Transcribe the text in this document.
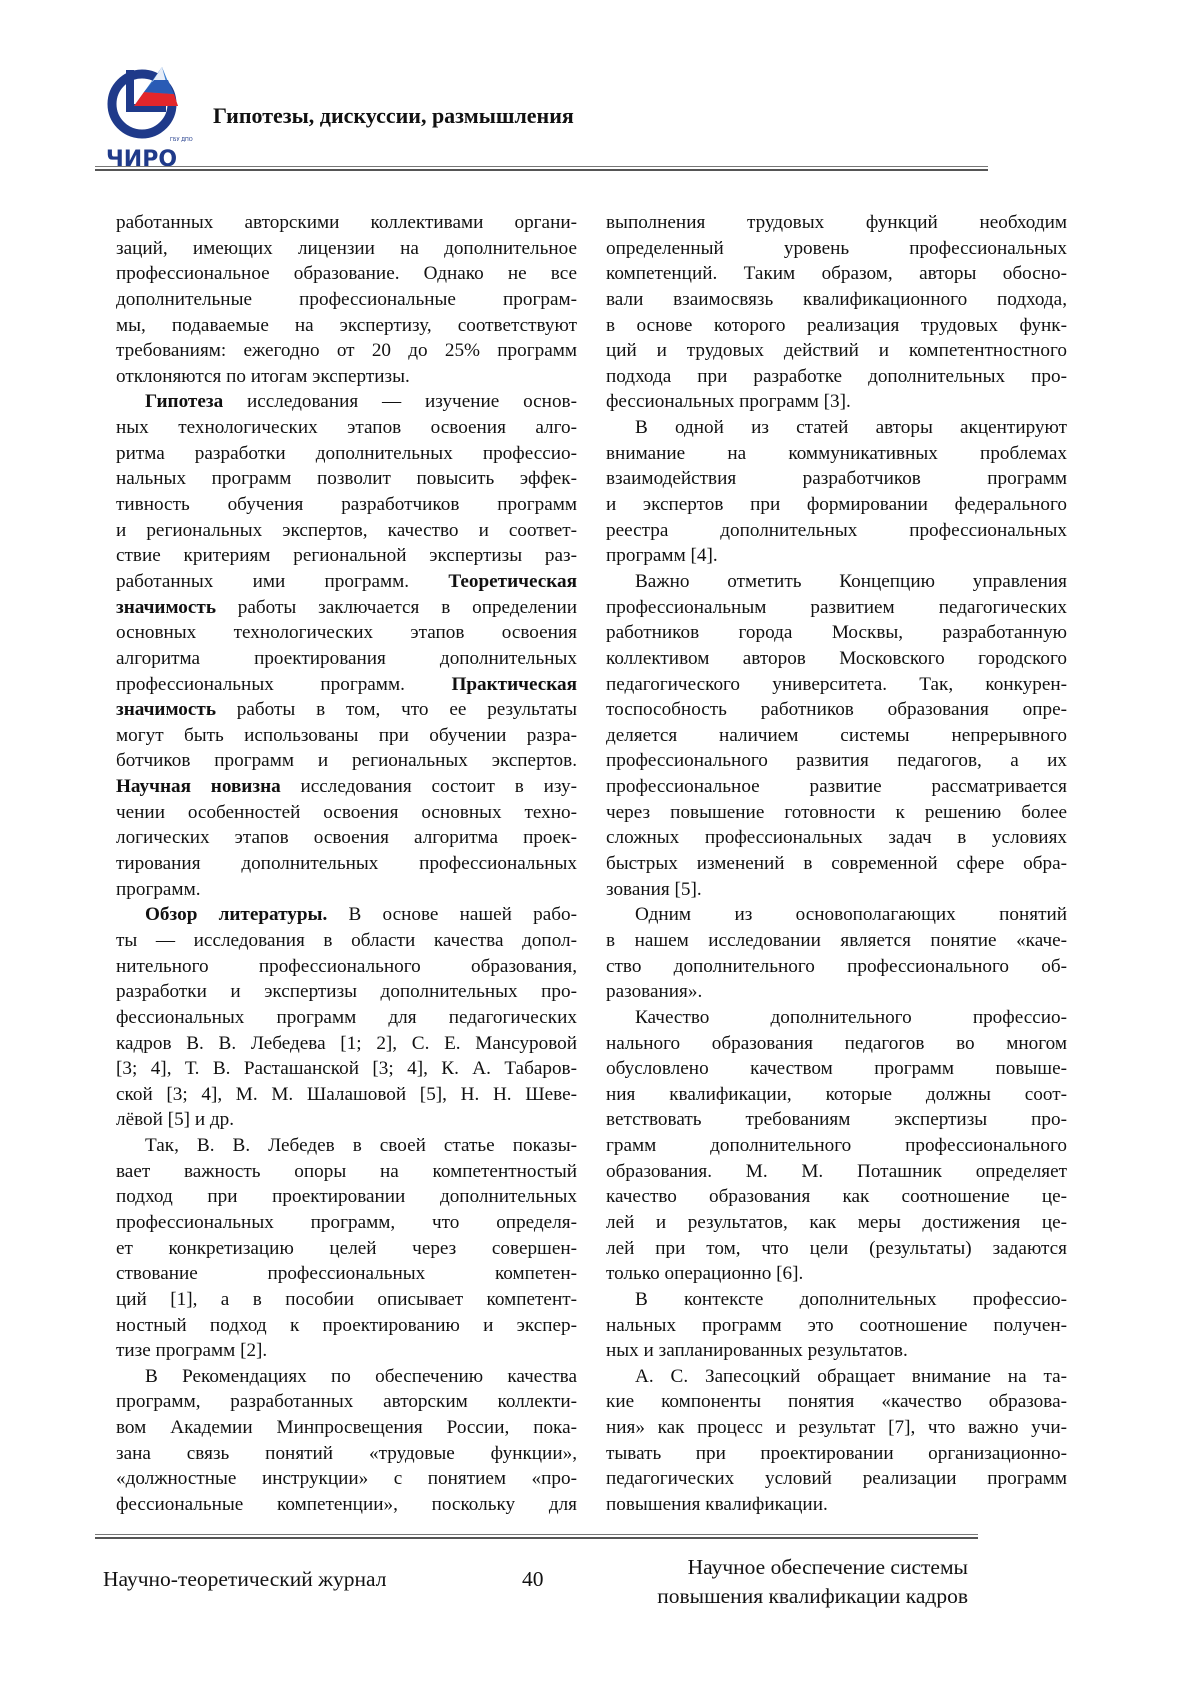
ГБУ ДПО
ЧИРО
Гипотезы, дискуссии, размышления
работанных авторскими коллективами органи-
заций, имеющих лицензии на дополнительное
профессиональное образование. Однако не все
дополнительные профессиональные програм-
мы, подаваемые на экспертизу, соответствуют
требованиям: ежегодно от 20 до 25% программ
отклоняются по итогам экспертизы.
Гипотеза исследования — изучение основ-
ных технологических этапов освоения алго-
ритма разработки дополнительных профессио-
нальных программ позволит повысить эффек-
тивность обучения разработчиков программ
и региональных экспертов, качество и соответ-
ствие критериям региональной экспертизы раз-
работанных ими программ. Теоретическая
значимость работы заключается в определении
основных технологических этапов освоения
алгоритма проектирования дополнительных
профессиональных программ. Практическая
значимость работы в том, что ее результаты
могут быть использованы при обучении разра-
ботчиков программ и региональных экспертов.
Научная новизна исследования состоит в изу-
чении особенностей освоения основных техно-
логических этапов освоения алгоритма проек-
тирования дополнительных профессиональных
программ.
Обзор литературы. В основе нашей рабо-
ты — исследования в области качества допол-
нительного профессионального образования,
разработки и экспертизы дополнительных про-
фессиональных программ для педагогических
кадров В. В. Лебедева [1; 2], С. Е. Мансуровой
[3; 4], Т. В. Расташанской [3; 4], К. А. Табаров-
ской [3; 4], М. М. Шалашовой [5], Н. Н. Шеве-
лёвой [5] и др.
Так, В. В. Лебедев в своей статье показы-
вает важность опоры на компетентностый
подход при проектировании дополнительных
профессиональных программ, что определя-
ет конкретизацию целей через совершен-
ствование профессиональных компетен-
ций [1], а в пособии описывает компетент-
ностный подход к проектированию и экспер-
тизе программ [2].
В Рекомендациях по обеспечению качества
программ, разработанных авторским коллекти-
вом Академии Минпросвещения России, пока-
зана связь понятий «трудовые функции»,
«должностные инструкции» с понятием «про-
фессиональные компетенции», поскольку для
выполнения трудовых функций необходим
определенный уровень профессиональных
компетенций. Таким образом, авторы обосно-
вали взаимосвязь квалификационного подхода,
в основе которого реализация трудовых функ-
ций и трудовых действий и компетентностного
подхода при разработке дополнительных про-
фессиональных программ [3].
В одной из статей авторы акцентируют
внимание на коммуникативных проблемах
взаимодействия разработчиков программ
и экспертов при формировании федерального
реестра дополнительных профессиональных
программ [4].
Важно отметить Концепцию управления
профессиональным развитием педагогических
работников города Москвы, разработанную
коллективом авторов Московского городского
педагогического университета. Так, конкурен-
тоспособность работников образования опре-
деляется наличием системы непрерывного
профессионального развития педагогов, а их
профессиональное развитие рассматривается
через повышение готовности к решению более
сложных профессиональных задач в условиях
быстрых изменений в современной сфере обра-
зования [5].
Одним из основополагающих понятий
в нашем исследовании является понятие «каче-
ство дополнительного профессионального об-
разования».
Качество дополнительного профессио-
нального образования педагогов во многом
обусловлено качеством программ повыше-
ния квалификации, которые должны соот-
ветствовать требованиям экспертизы про-
грамм дополнительного профессионального
образования. М. М. Поташник определяет
качество образования как соотношение це-
лей и результатов, как меры достижения це-
лей при том, что цели (результаты) задаются
только операционно [6].
В контексте дополнительных профессио-
нальных программ это соотношение получен-
ных и запланированных результатов.
А. С. Запесоцкий обращает внимание на та-
кие компоненты понятия «качество образова-
ния» как процесс и результат [7], что важно учи-
тывать при проектировании организационно-
педагогических условий реализации программ
повышения квалификации.
Научно-теоретический журнал	40	Научное обеспечение системы
повышения квалификации кадров
